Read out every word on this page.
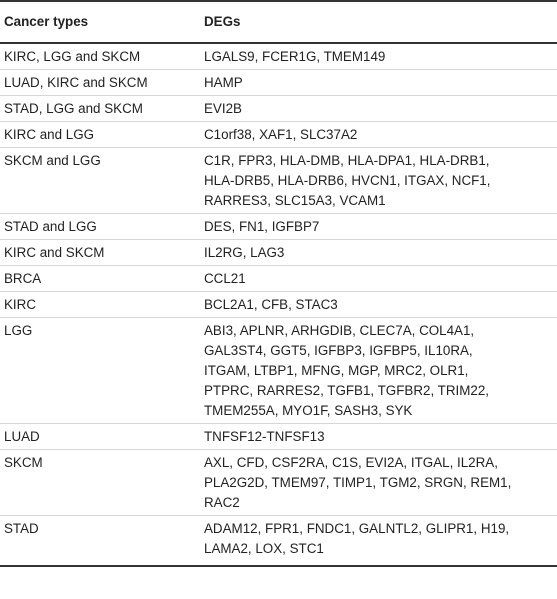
Cancer types	DEGs
KIRC, LGG and SKCM	LGALS9, FCER1G, TMEM149

LUAD, KIRC and SKCM	HAMP

STAD, LGG and SKCM	EVI2B

KIRC and LGG	C1orf38, XAF1, SLC37A2

SKCM and LGG	C1R, FPR3, HLA-DMB, HLA-DPA1, HLA-DRB1,
HLA-DRB5, HLA-DRB6, HVCN1, ITGAX, NCF1,
RARRES3, SLC15A3, VCAM1

STAD and LGG	DES, FN1, IGFBP7

KIRC and SKCM	IL2RG, LAG3

BRCA	CCL21

KIRC	BCL2A1, CFB, STAC3

LGG	ABI3, APLNR, ARHGDIB, CLEC7A, COL4A1,
GAL3ST4, GGT5, IGFBP3, IGFBP5, IL10RA,
ITGAM, LTBP1, MFNG, MGP, MRC2, OLR1,
PTPRC, RARRES2, TGFB1, TGFBR2, TRIM22,
TMEM255A, MYO1F, SASH3, SYK

LUAD	TNFSF12-TNFSF13

SKCM	AXL, CFD, CSF2RA, C1S, EVI2A, ITGAL, IL2RA,
PLA2G2D, TMEM97, TIMP1, TGM2, SRGN, REM1,
RAC2

STAD	ADAM12, FPR1, FNDC1, GALNTL2, GLIPR1, H19,
LAMA2, LOX, STC1
